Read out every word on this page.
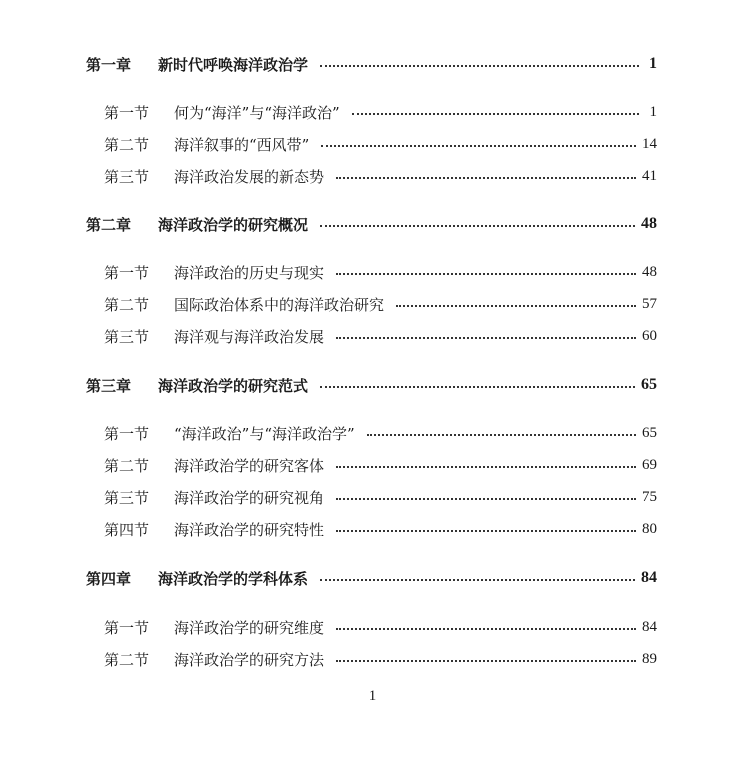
第一章	新时代呼唤海洋政治学	1
第一节	何为“海洋”与“海洋政治”	1
第二节	海洋叙事的“西风带”	14
第三节	海洋政治发展的新态势	41
第二章	海洋政治学的研究概况	48
第一节	海洋政治的历史与现实	48
第二节	国际政治体系中的海洋政治研究	57
第三节	海洋观与海洋政治发展	60
第三章	海洋政治学的研究范式	65
第一节	“海洋政治”与“海洋政治学”	65
第二节	海洋政治学的研究客体	69
第三节	海洋政治学的研究视角	75
第四节	海洋政治学的研究特性	80
第四章	海洋政治学的学科体系	84
第一节	海洋政治学的研究维度	84
第二节	海洋政治学的研究方法	89
1
